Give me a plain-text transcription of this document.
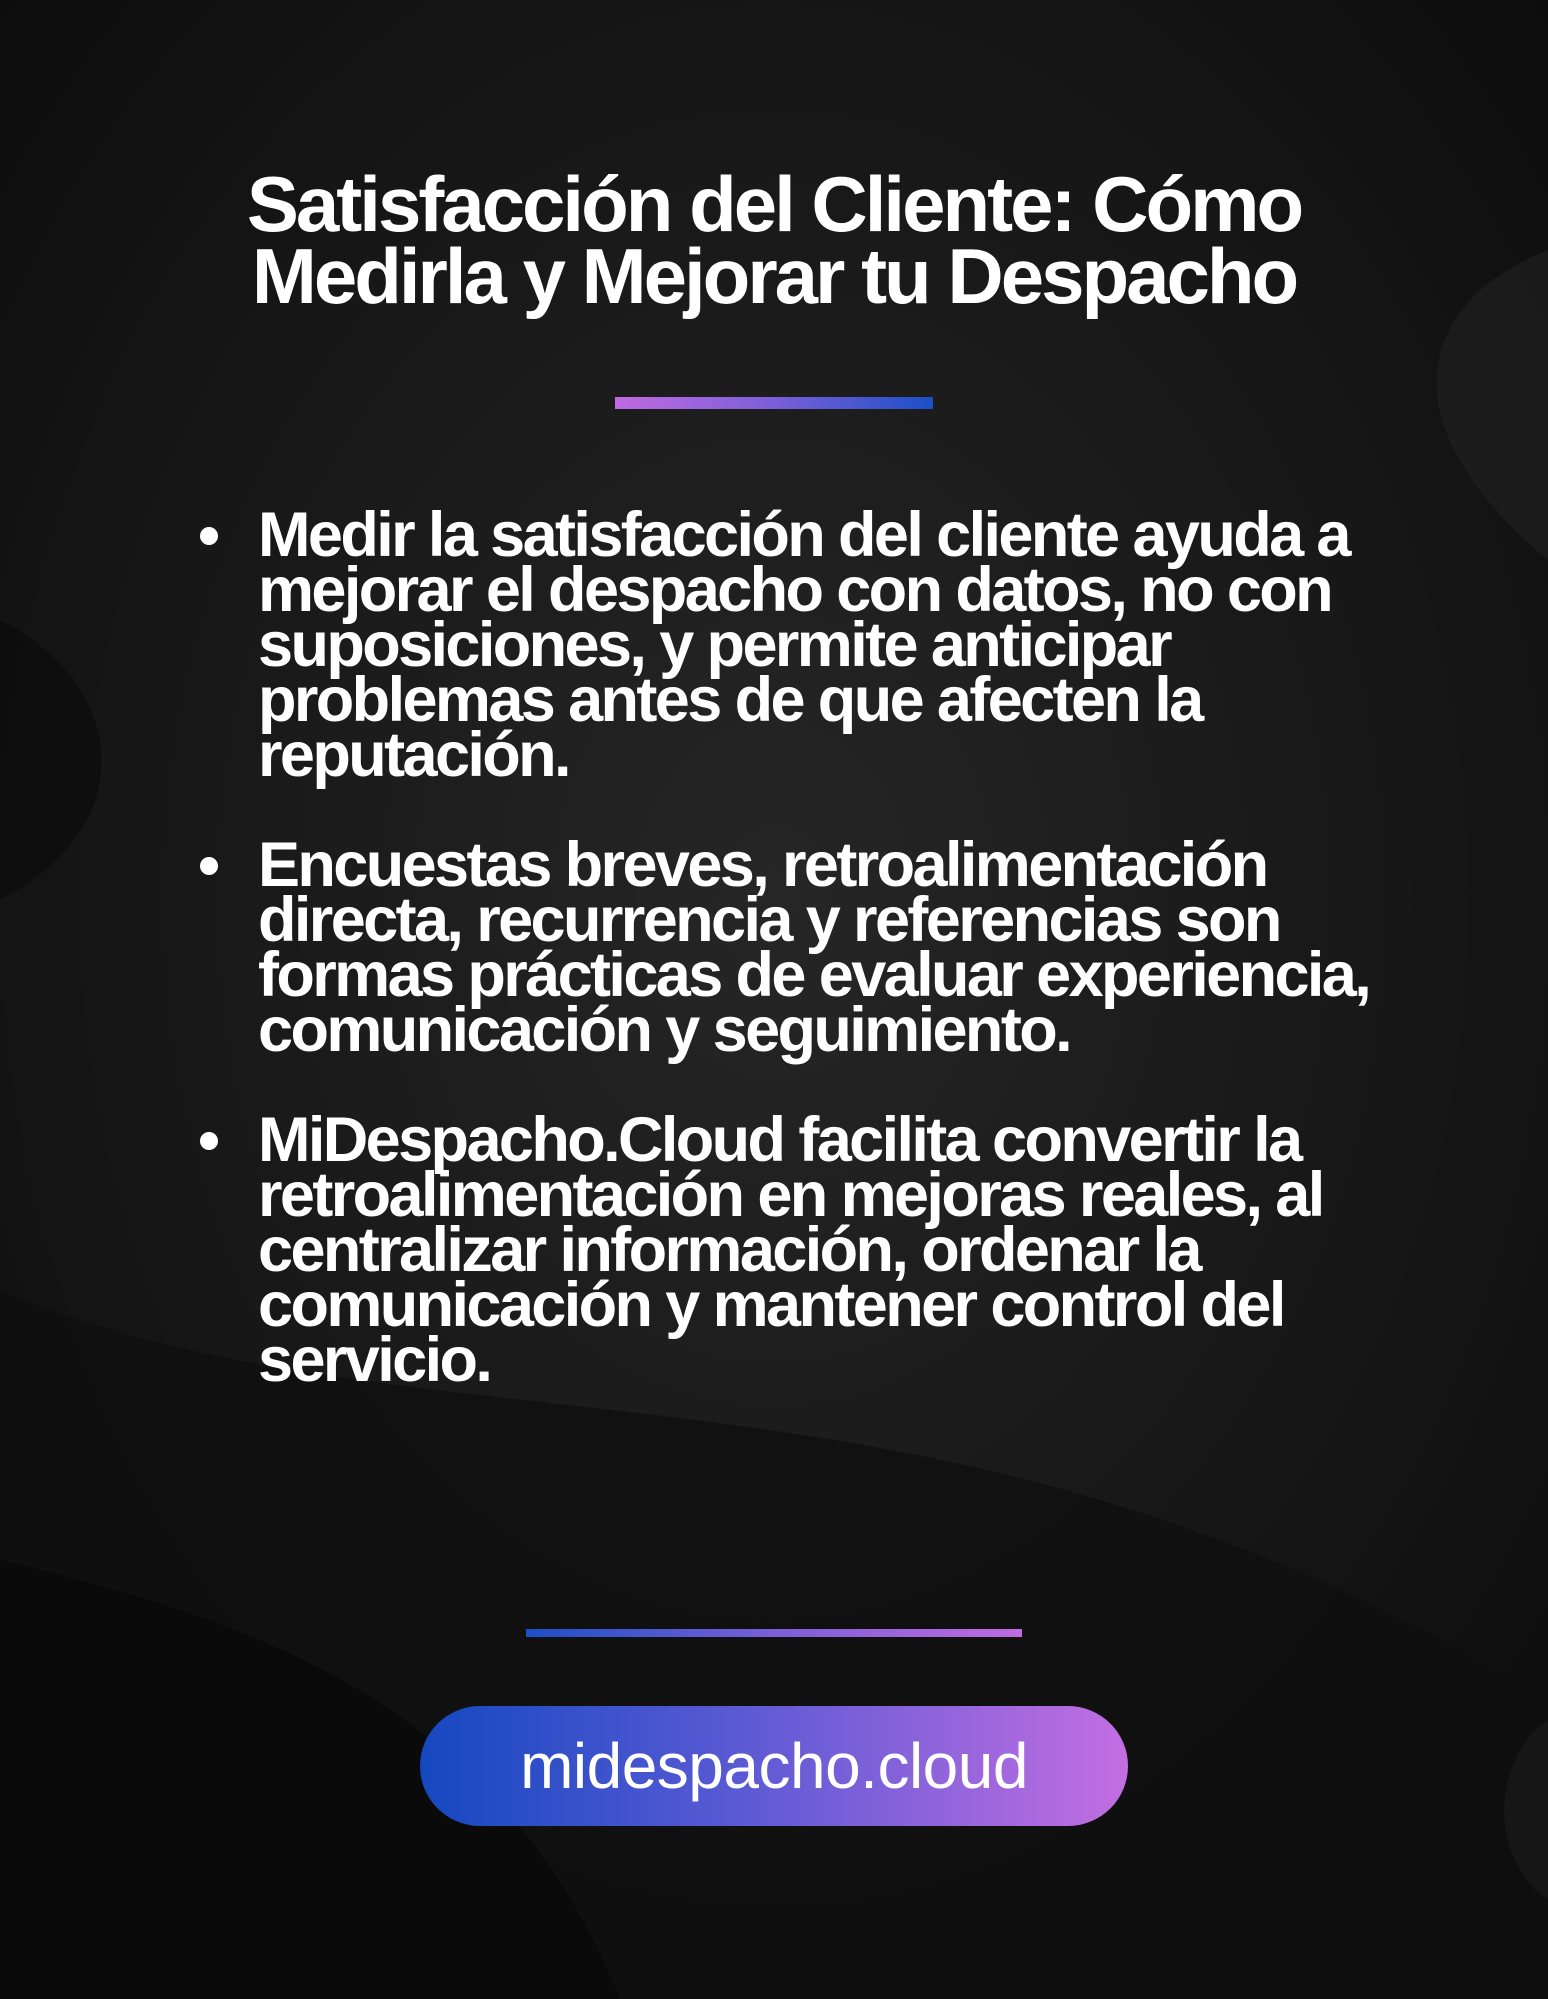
Satisfacción del Cliente: Cómo
Medirla y Mejorar tu Despacho
Medir la satisfacción del cliente ayuda a mejorar el despacho con datos, no con suposiciones, y permite anticipar problemas antes de que afecten la reputación.
Encuestas breves, retroalimentación directa, recurrencia y referencias son formas prácticas de evaluar experiencia, comunicación y seguimiento.
MiDespacho.Cloud facilita convertir la retroalimentación en mejoras reales, al centralizar información, ordenar la comunicación y mantener control del servicio.
midespacho.cloud
